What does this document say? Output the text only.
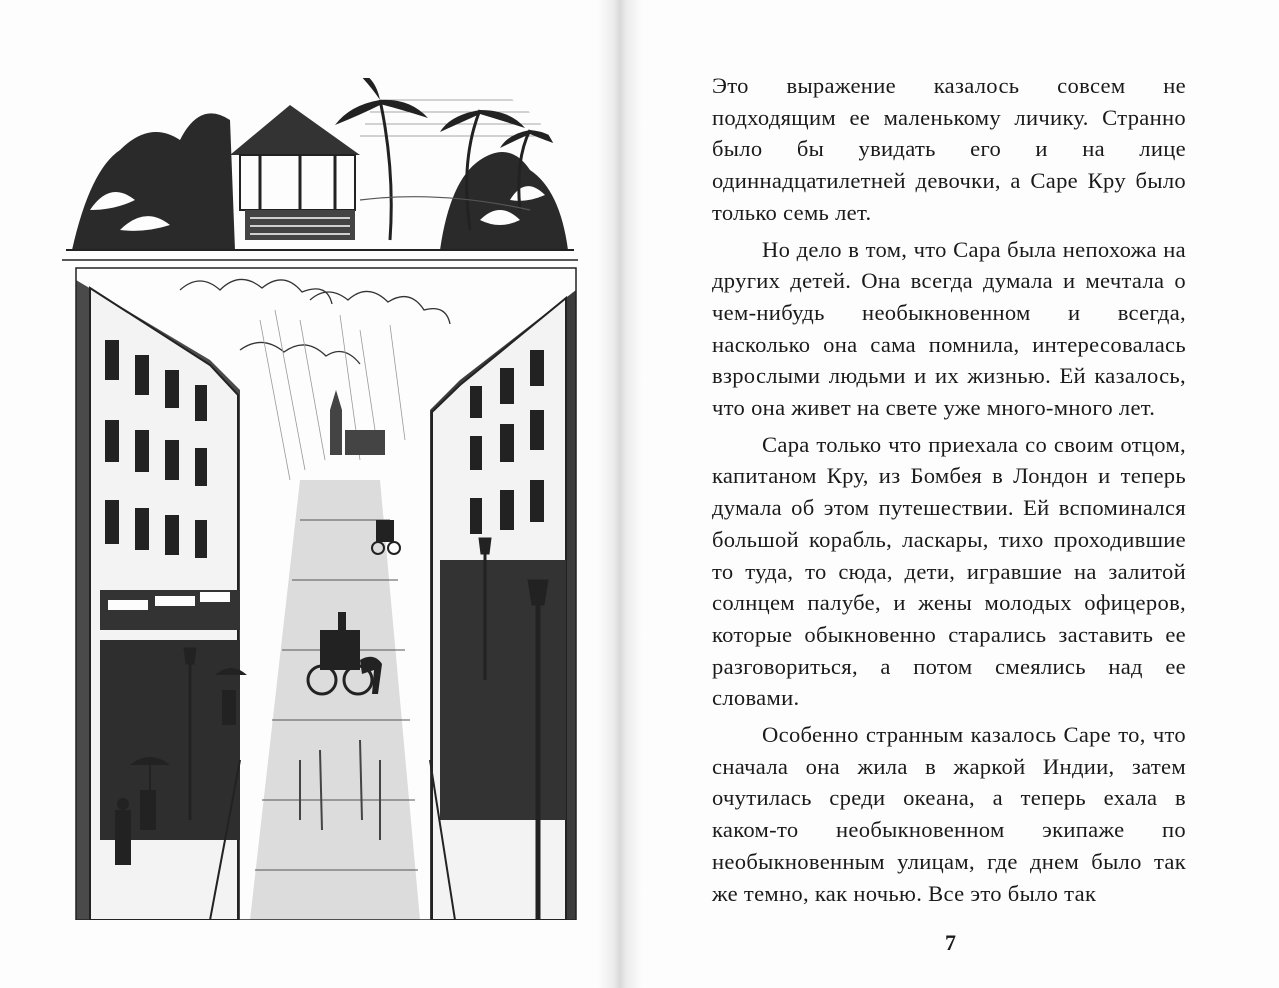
Это выражение казалось совсем не подходящим ее маленькому личику. Странно было бы увидать его и на лице одиннадцатилетней девочки, а Саре Кру было только семь лет.

Но дело в том, что Сара была непохожа на других детей. Она всегда думала и мечтала о чем-нибудь необыкновенном и всегда, насколько она сама помнила, интересовалась взрослыми людьми и их жизнью. Ей казалось, что она живет на свете уже много-много лет.

Сара только что приехала со своим отцом, капитаном Кру, из Бомбея в Лондон и теперь думала об этом путешествии. Ей вспоминался большой корабль, ласкары, тихо проходившие то туда, то сюда, дети, игравшие на залитой солнцем палубе, и жены молодых офицеров, которые обыкновенно старались заставить ее разговориться, а потом смеялись над ее словами.

Особенно странным казалось Саре то, что сначала она жила в жаркой Индии, затем очутилась среди океана, а теперь ехала в каком-то необыкновенном экипаже по необыкновенным улицам, где днем было так же темно, как ночью. Все это было так

7
